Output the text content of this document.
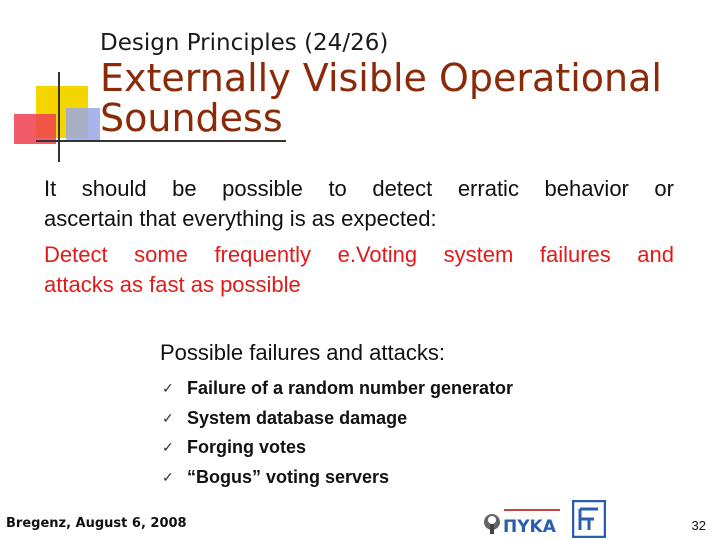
Design Principles (24/26)
Externally Visible Operational Soundess
It should be possible to detect erratic behavior or
ascertain that everything is as expected:
Detect some frequently e.Voting system failures and
attacks as fast as possible
Possible failures and attacks:
✓ Failure of a random number generator
✓ System database damage
✓ Forging votes
✓ “Bogus” voting servers
Bregenz, August 6, 2008	ΠΥΚΑ	32
